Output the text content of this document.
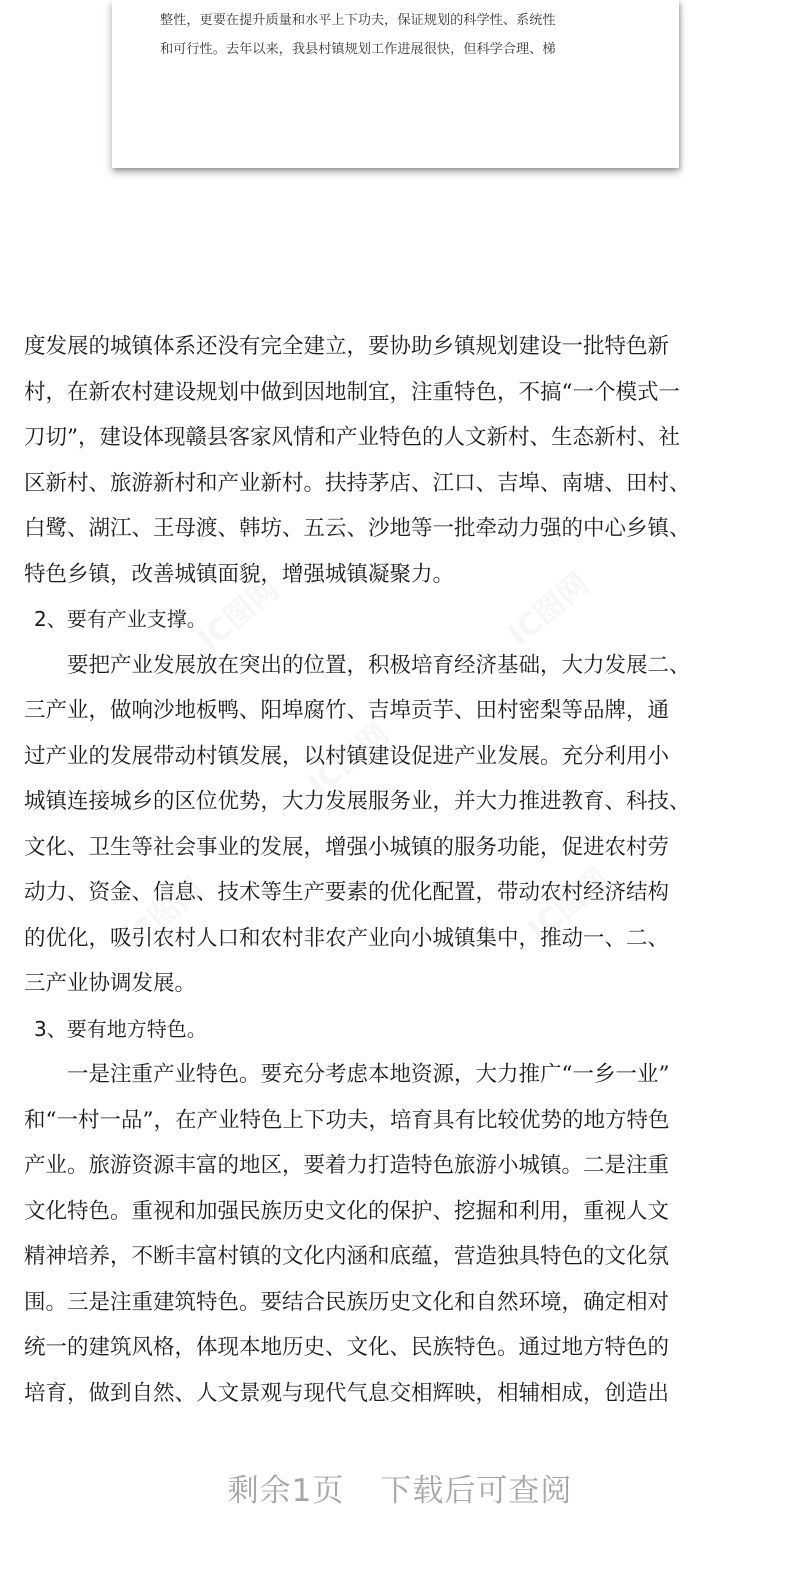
整性，更要在提升质量和水平上下功夫，保证规划的科学性、系统性
和可行性。去年以来，我县村镇规划工作进展很快，但科学合理、梯
IC图网	IC图网
IC图网
IC图网	IC图网
度发展的城镇体系还没有完全建立，要协助乡镇规划建设一批特色新
村，在新农村建设规划中做到因地制宜，注重特色，不搞“一个模式一
刀切”，建设体现赣县客家风情和产业特色的人文新村、生态新村、社
区新村、旅游新村和产业新村。扶持茅店、江口、吉埠、南塘、田村、
白鹭、湖江、王母渡、韩坊、五云、沙地等一批牵动力强的中心乡镇、
特色乡镇，改善城镇面貌，增强城镇凝聚力。
2、要有产业支撑。
　　要把产业发展放在突出的位置，积极培育经济基础，大力发展二、
三产业，做响沙地板鸭、阳埠腐竹、吉埠贡芋、田村密梨等品牌，通
过产业的发展带动村镇发展，以村镇建设促进产业发展。充分利用小
城镇连接城乡的区位优势，大力发展服务业，并大力推进教育、科技、
文化、卫生等社会事业的发展，增强小城镇的服务功能，促进农村劳
动力、资金、信息、技术等生产要素的优化配置，带动农村经济结构
的优化，吸引农村人口和农村非农产业向小城镇集中，推动一、二、
三产业协调发展。
3、要有地方特色。
　　一是注重产业特色。要充分考虑本地资源，大力推广“一乡一业”
和“一村一品”，在产业特色上下功夫，培育具有比较优势的地方特色
产业。旅游资源丰富的地区，要着力打造特色旅游小城镇。二是注重
文化特色。重视和加强民族历史文化的保护、挖掘和利用，重视人文
精神培养，不断丰富村镇的文化内涵和底蕴，营造独具特色的文化氛
围。三是注重建筑特色。要结合民族历史文化和自然环境，确定相对
统一的建筑风格，体现本地历史、文化、民族特色。通过地方特色的
培育，做到自然、人文景观与现代气息交相辉映，相辅相成，创造出
剩余1页 下载后可查阅
